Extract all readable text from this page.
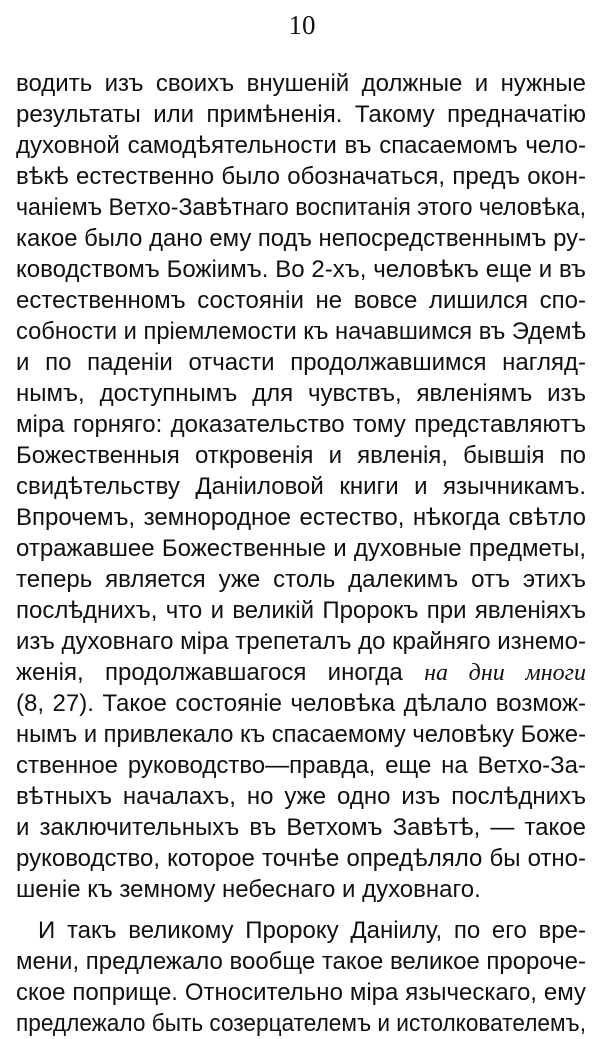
10
водить изъ своихъ внушеній должные и нужные
результаты или примѣненія. Такому предначатію
духовной самодѣятельности въ спасаемомъ чело-
вѣкѣ естественно было обозначаться, предъ окон-
чаніемъ Ветхо-Завѣтнаго воспитанія этого человѣка,
какое было дано ему подъ непосредственнымъ ру-
ководствомъ Божіимъ. Во 2-хъ, человѣкъ еще и въ
естественномъ состояніи не вовсе лишился спо-
собности и пріемлемости къ начавшимся въ Эдемѣ
и по паденіи отчасти продолжавшимся нагляд-
нымъ, доступнымъ для чувствъ, явленіямъ изъ
міра горняго: доказательство тому представляютъ
Божественныя откровенія и явленія, бывшія по
свидѣтельству Даніиловой книги и язычникамъ.
Впрочемъ, земнородное естество, нѣкогда свѣтло
отражавшее Божественные и духовные предметы,
теперь является уже столь далекимъ отъ этихъ
послѣднихъ, что и великій Пророкъ при явленіяхъ
изъ духовнаго міра трепеталъ до крайняго изнемо-
женія, продолжавшагося иногда на дни многи
(8, 27). Такое состояніе человѣка дѣлало возмож-
нымъ и привлекало къ спасаемому человѣку Боже-
ственное руководство—правда, еще на Ветхо-За-
вѣтныхъ началахъ, но уже одно изъ послѣднихъ
и заключительныхъ въ Ветхомъ Завѣтѣ, — такое
руководство, которое точнѣе опредѣляло бы отно-
шеніе къ земному небеснаго и духовнаго.
И такъ великому Пророку Даніилу, по его вре-
мени, предлежало вообще такое великое пророче-
ское поприще. Относительно міра языческаго, ему
предлежало быть созерцателемъ и истолкователемъ,
